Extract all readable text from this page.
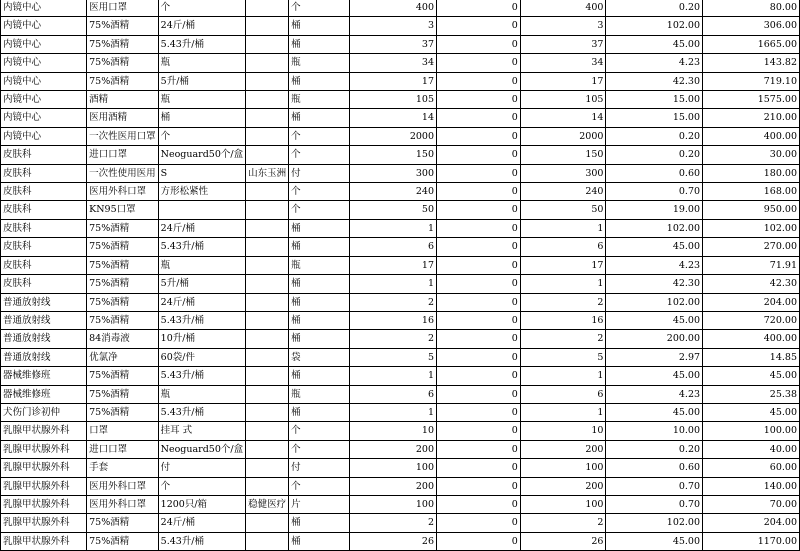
内镜中心	医用口罩	个		个	400	0	400	0.20	80.00
内镜中心	75%酒精	24斤/桶		桶	3	0	3	102.00	306.00
内镜中心	75%酒精	5.43升/桶		桶	37	0	37	45.00	1665.00
内镜中心	75%酒精	瓶		瓶	34	0	34	4.23	143.82
内镜中心	75%酒精	5升/桶		桶	17	0	17	42.30	719.10
内镜中心	酒精	瓶		瓶	105	0	105	15.00	1575.00
内镜中心	医用酒精	桶		桶	14	0	14	15.00	210.00
内镜中心	一次性医用口罩	个		个	2000	0	2000	0.20	400.00
皮肤科	进口口罩	Neoguard50个/盒		个	150	0	150	0.20	30.00
皮肤科	一次性使用医用	S	山东玉洲	付	300	0	300	0.60	180.00
皮肤科	医用外科口罩	方形松紧性		个	240	0	240	0.70	168.00
皮肤科	KN95口罩			个	50	0	50	19.00	950.00
皮肤科	75%酒精	24斤/桶		桶	1	0	1	102.00	102.00
皮肤科	75%酒精	5.43升/桶		桶	6	0	6	45.00	270.00
皮肤科	75%酒精	瓶		瓶	17	0	17	4.23	71.91
皮肤科	75%酒精	5升/桶		桶	1	0	1	42.30	42.30
普通放射线	75%酒精	24斤/桶		桶	2	0	2	102.00	204.00
普通放射线	75%酒精	5.43升/桶		桶	16	0	16	45.00	720.00
普通放射线	84消毒液	10升/桶		桶	2	0	2	200.00	400.00
普通放射线	优氯净	60袋/件		袋	5	0	5	2.97	14.85
器械维修班	75%酒精	5.43升/桶		桶	1	0	1	45.00	45.00
器械维修班	75%酒精	瓶		瓶	6	0	6	4.23	25.38
犬伤门诊初仲	75%酒精	5.43升/桶		桶	1	0	1	45.00	45.00
乳腺甲状腺外科	口罩	挂耳 式		个	10	0	10	10.00	100.00
乳腺甲状腺外科	进口口罩	Neoguard50个/盒		个	200	0	200	0.20	40.00
乳腺甲状腺外科	手套	付		付	100	0	100	0.60	60.00
乳腺甲状腺外科	医用外科口罩	个		个	200	0	200	0.70	140.00
乳腺甲状腺外科	医用外科口罩	1200只/箱	稳健医疗	片	100	0	100	0.70	70.00
乳腺甲状腺外科	75%酒精	24斤/桶		桶	2	0	2	102.00	204.00
乳腺甲状腺外科	75%酒精	5.43升/桶		桶	26	0	26	45.00	1170.00
